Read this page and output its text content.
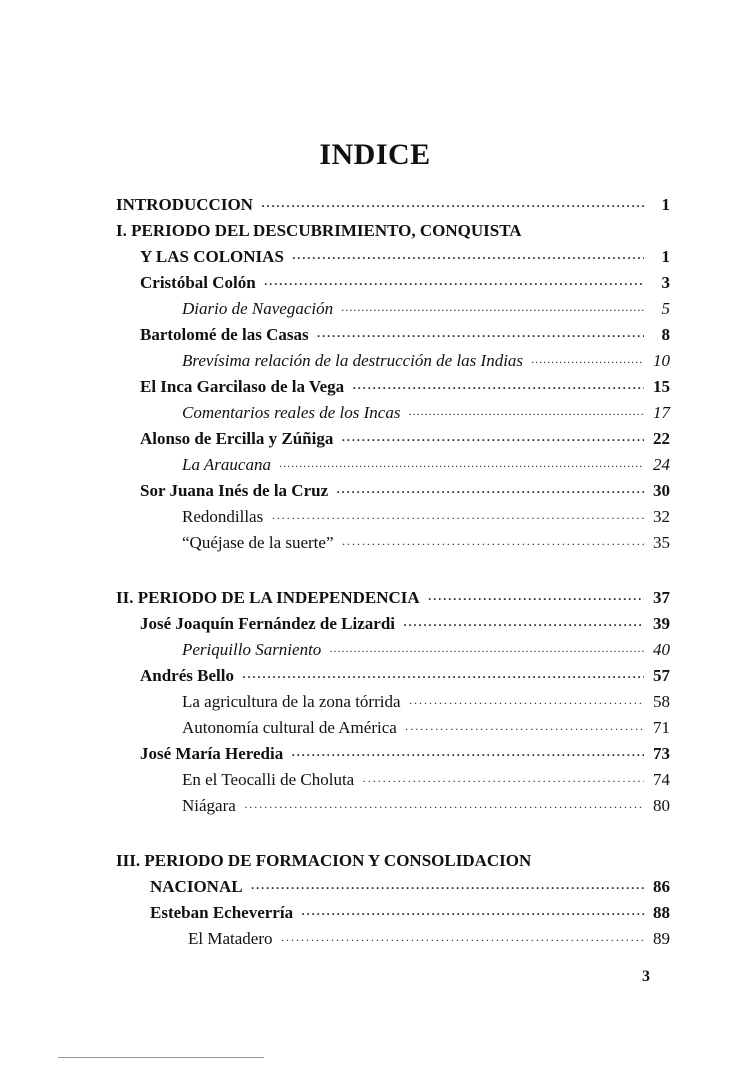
INDICE
INTRODUCCION ·····	1
I. PERIODO DEL DESCUBRIMIENTO, CONQUISTA
Y LAS COLONIAS ·····	1
Cristóbal Colón ·····	3
Diario de Navegación ·····	5
Bartolomé de las Casas ·····	8
Brevísima relación de la destrucción de las Indias ·····	10
El Inca Garcilaso de la Vega ·····	15
Comentarios reales de los Incas ·····	17
Alonso de Ercilla y Zúñiga ·····	22
La Araucana ·····	24
Sor Juana Inés de la Cruz ·····	30
Redondillas ·····	32
“Quéjase de la suerte” ·····	35
II. PERIODO DE LA INDEPENDENCIA ·····	37
José Joaquín Fernández de Lizardi ·····	39
Periquillo Sarniento ·····	40
Andrés Bello ·····	57
La agricultura de la zona tórrida ·····	58
Autonomía cultural de América ·····	71
José María Heredia ·····	73
En el Teocalli de Choluta ·····	74
Niágara ·····	80
III. PERIODO DE FORMACION Y CONSOLIDACION
NACIONAL ·····	86
Esteban Echeverría ·····	88
El Matadero ·····	89
3
